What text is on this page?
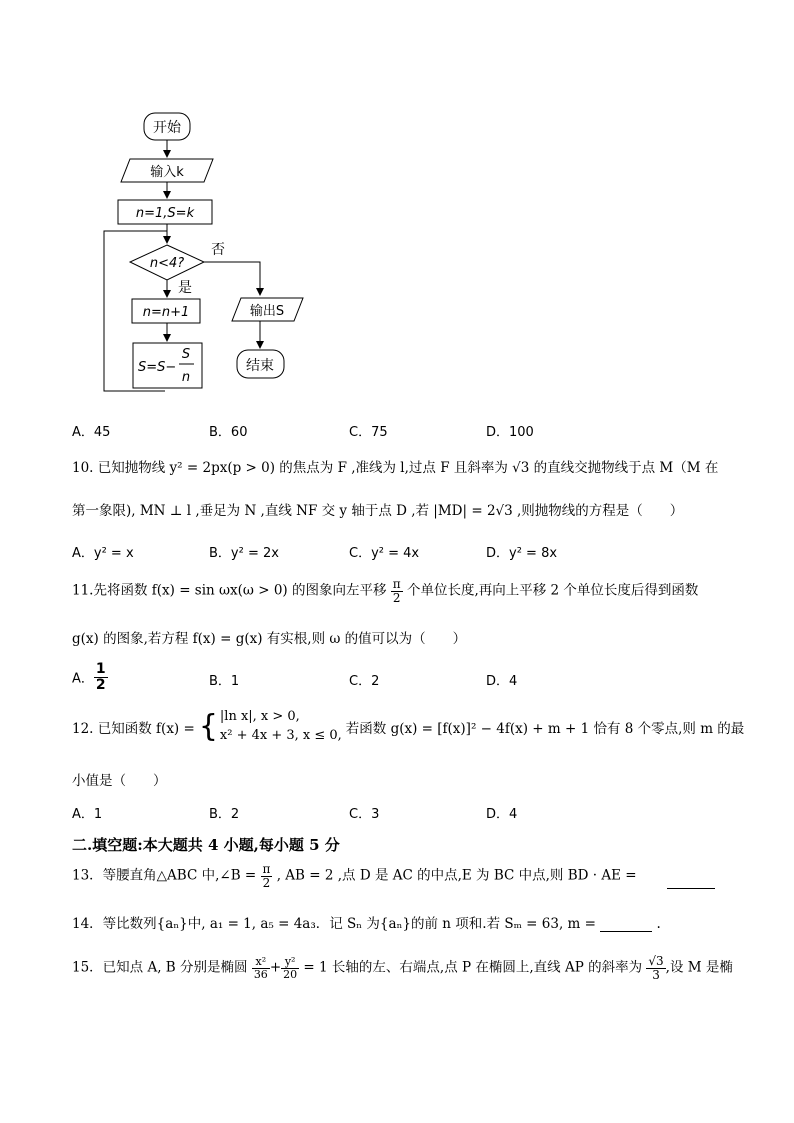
开始
输入k
n=1,S=k
n<4?
否
是
n=n+1
S=S−
S
n
输出S
结束
A．45	B．60	C．75	D．100
10. 已知抛物线 y² = 2px(p > 0) 的焦点为 F ,准线为 l,过点 F 且斜率为 √3 的直线交抛物线于点 M（M 在
第一象限), MN ⊥ l ,垂足为 N ,直线 NF 交 y 轴于点 D ,若 |MD| = 2√3 ,则抛物线的方程是（　　）
A．y² = x	B．y² = 2x	C．y² = 4x	D．y² = 8x
11.先将函数 f(x) = sin ωx(ω > 0) 的图象向左平移 $\frac{\pi}{2}$ 个单位长度,再向上平移 2 个单位长度后得到函数
g(x) 的图象,若方程 f(x) = g(x) 有实根,则 ω 的值可以为（　　）
A． $\frac{1}{2}$	B．1	C．2	D．4
12. 已知函数 f(x) = { |ln x|, x > 0,
x² + 4x + 3, x ≤ 0, 若函数 g(x) = [f(x)]² − 4f(x) + m + 1 恰有 8 个零点,则 m 的最
小值是（　　）
A．1	B．2	C．3	D．4
二.填空题:本大题共 4 小题,每小题 5 分
13．等腰直角△ABC 中,∠B = $\frac{\pi}{2}$ , AB = 2 ,点 D 是 AC 的中点,E 为 BC 中点,则 BD · AE =
14．等比数列{aₙ}中, a₁ = 1, a₅ = 4a₃．记 Sₙ 为{aₙ}的前 n 项和.若 Sₘ = 63, m =	.
15．已知点 A, B 分别是椭圆 $\frac{\text{x²}}{36} + \frac{\text{y²}}{20} = 1$ 长轴的左、右端点,点 P 在椭圆上,直线 AP 的斜率为 $\frac{√3}{3}$ ,设 M 是椭
